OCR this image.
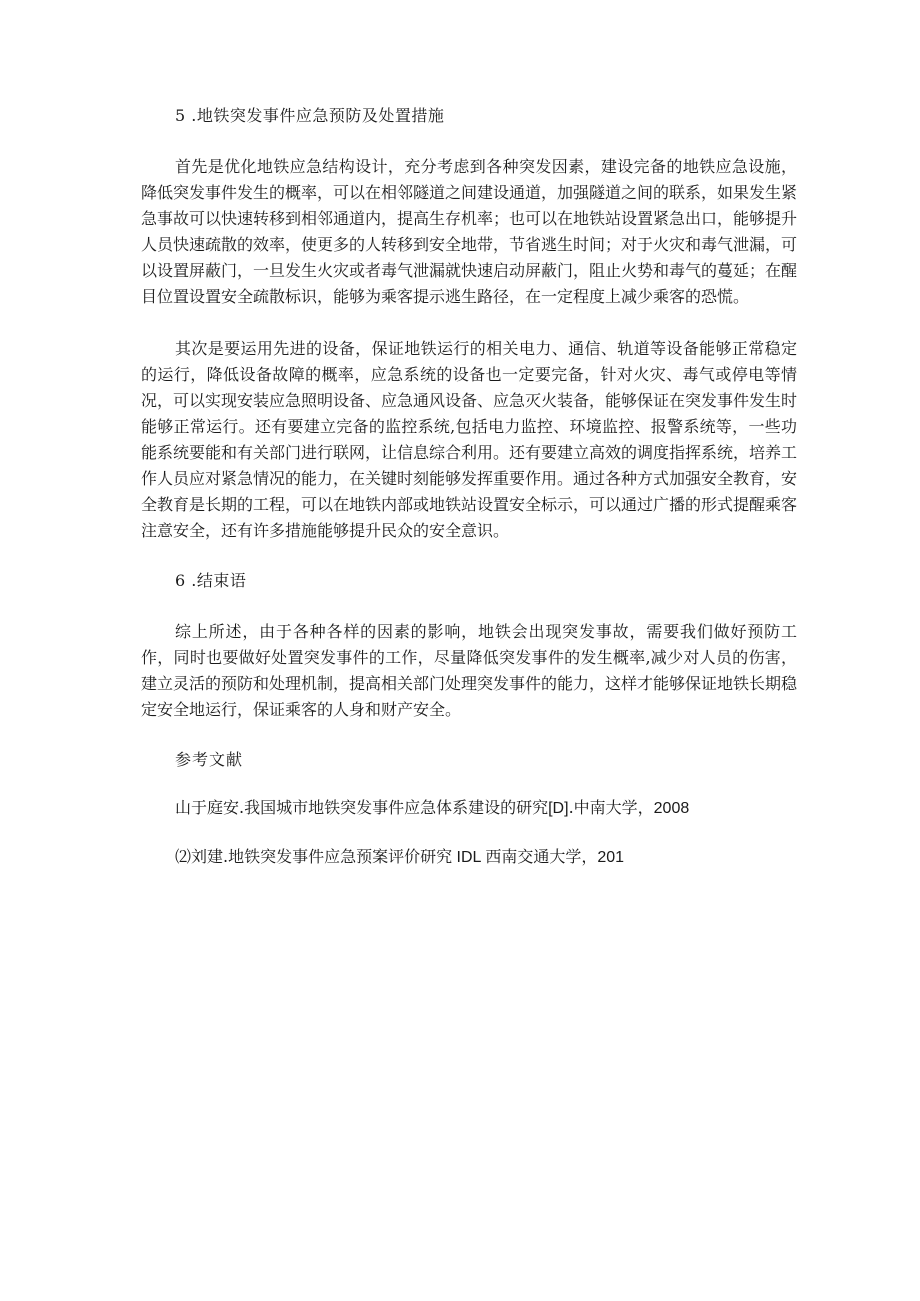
5 .地铁突发事件应急预防及处置措施

首先是优化地铁应急结构设计，充分考虑到各种突发因素，建设完备的地铁应急设施，降低突发事件发生的概率，可以在相邻隧道之间建设通道，加强隧道之间的联系，如果发生紧急事故可以快速转移到相邻通道内，提高生存机率；也可以在地铁站设置紧急出口，能够提升人员快速疏散的效率，使更多的人转移到安全地带，节省逃生时间；对于火灾和毒气泄漏，可以设置屏蔽门，一旦发生火灾或者毒气泄漏就快速启动屏蔽门，阻止火势和毒气的蔓延；在醒目位置设置安全疏散标识，能够为乘客提示逃生路径，在一定程度上减少乘客的恐慌。

其次是要运用先进的设备，保证地铁运行的相关电力、通信、轨道等设备能够正常稳定的运行，降低设备故障的概率，应急系统的设备也一定要完备，针对火灾、毒气或停电等情况，可以实现安装应急照明设备、应急通风设备、应急灭火装备，能够保证在突发事件发生时能够正常运行。还有要建立完备的监控系统,包括电力监控、环境监控、报警系统等，一些功能系统要能和有关部门进行联网，让信息综合利用。还有要建立高效的调度指挥系统，培养工作人员应对紧急情况的能力，在关键时刻能够发挥重要作用。通过各种方式加强安全教育，安全教育是长期的工程，可以在地铁内部或地铁站设置安全标示，可以通过广播的形式提醒乘客注意安全，还有许多措施能够提升民众的安全意识。

6 .结束语

综上所述，由于各种各样的因素的影响，地铁会出现突发事故，需要我们做好预防工作，同时也要做好处置突发事件的工作，尽量降低突发事件的发生概率,减少对人员的伤害，建立灵活的预防和处理机制，提高相关部门处理突发事件的能力，这样才能够保证地铁长期稳定安全地运行，保证乘客的人身和财产安全。

参考文献
山于庭安.我国城市地铁突发事件应急体系建设的研究[D].中南大学，2008
⑵刘建.地铁突发事件应急预案评价研究 IDL 西南交通大学，201
